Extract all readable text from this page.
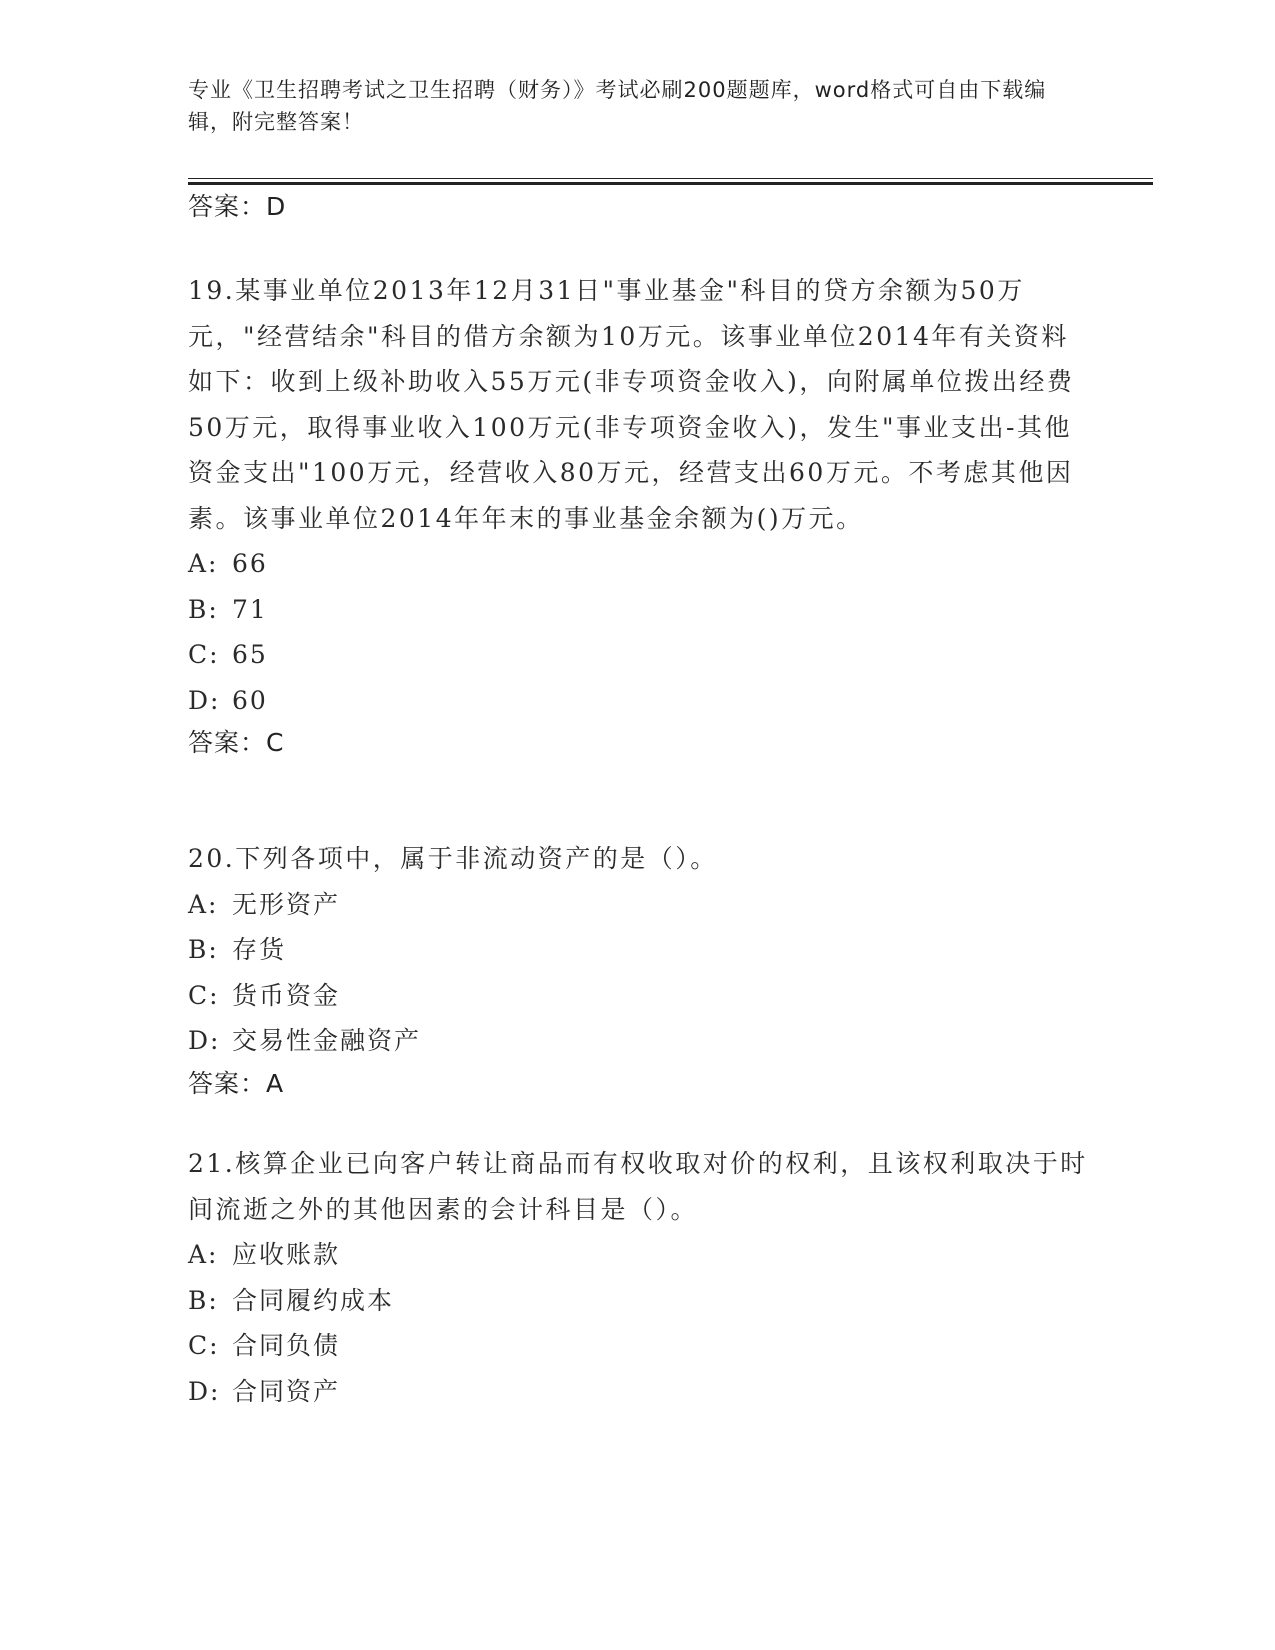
专业《卫生招聘考试之卫生招聘（财务）》考试必刷200题题库，word格式可自由下载编辑，附完整答案！
答案：D

19.某事业单位2013年12月31日"事业基金"科目的贷方余额为50万元，"经营结余"科目的借方余额为10万元。该事业单位2014年有关资料如下：收到上级补助收入55万元(非专项资金收入)，向附属单位拨出经费50万元，取得事业收入100万元(非专项资金收入)，发生"事业支出-其他资金支出"100万元，经营收入80万元，经营支出60万元。不考虑其他因素。该事业单位2014年年末的事业基金余额为()万元。

A: 66
B: 71
C: 65
D: 60
答案：C

20.下列各项中，属于非流动资产的是（）。

A: 无形资产
B: 存货
C: 货币资金
D: 交易性金融资产
答案：A

21.核算企业已向客户转让商品而有权收取对价的权利，且该权利取决于时间流逝之外的其他因素的会计科目是（）。

A: 应收账款
B: 合同履约成本
C: 合同负债
D: 合同资产
